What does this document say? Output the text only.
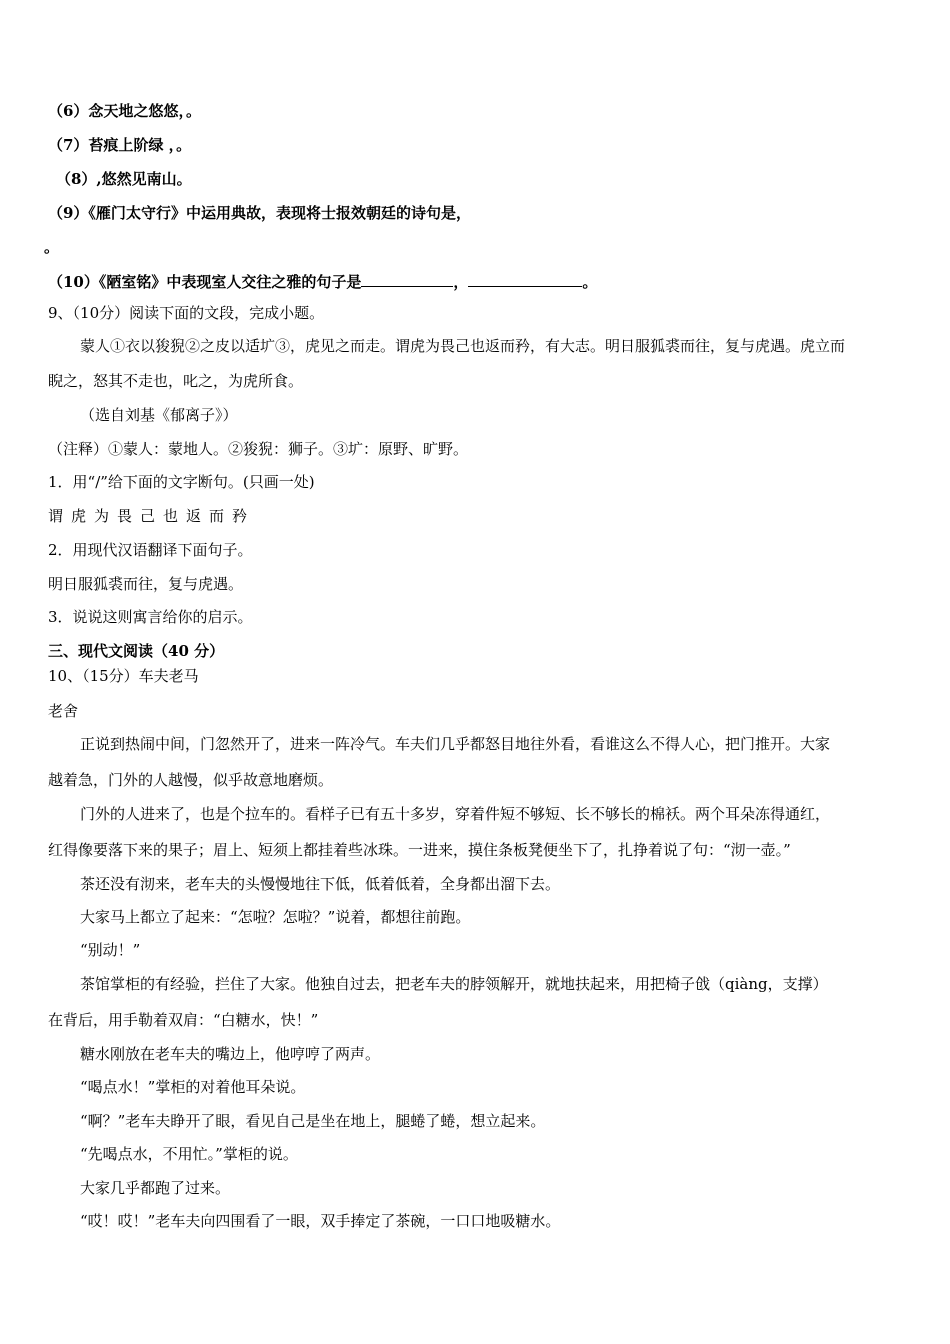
（6）念天地之悠悠，。
（7）苔痕上阶绿 ，。
（8）,悠然见南山。
（9）《雁门太守行》中运用典故，表现将士报效朝廷的诗句是，
。
（10）《陋室铭》中表现室人交往之雅的句子是	，	。
9、（10分）阅读下面的文段，完成小题。
蒙人①衣以狻猊②之皮以适圹③，虎见之而走。谓虎为畏己也返而矜，有大志。明日服狐裘而往，复与虎遇。虎立而
睨之，怒其不走也，叱之，为虎所食。
（选自刘基《郁离子》）
（注释）①蒙人：蒙地人。②狻猊：狮子。③圹：原野、旷野。
1．用“/”给下面的文字断句。(只画一处)
谓虎为畏己也返而矜
2．用现代汉语翻译下面句子。
明日服狐裘而往，复与虎遇。
3．说说这则寓言给你的启示。
三、现代文阅读（40 分）
10、（15分）车夫老马
老舍
正说到热闹中间，门忽然开了，进来一阵冷气。车夫们几乎都怒目地往外看，看谁这么不得人心，把门推开。大家
越着急，门外的人越慢，似乎故意地磨烦。
门外的人进来了，也是个拉车的。看样子已有五十多岁，穿着件短不够短、长不够长的棉袄。两个耳朵冻得通红，
红得像要落下来的果子；眉上、短须上都挂着些冰珠。一进来，摸住条板凳便坐下了，扎挣着说了句：“沏一壶。”
茶还没有沏来，老车夫的头慢慢地往下低，低着低着，全身都出溜下去。
大家马上都立了起来：“怎啦？怎啦？”说着，都想往前跑。
“别动！”
茶馆掌柜的有经验，拦住了大家。他独自过去，把老车夫的脖领解开，就地扶起来，用把椅子戗（qiàng，支撑）
在背后，用手勒着双肩：“白糖水，快！”
糖水刚放在老车夫的嘴边上，他哼哼了两声。
“喝点水！”掌柜的对着他耳朵说。
“啊？”老车夫睁开了眼，看见自己是坐在地上，腿蜷了蜷，想立起来。
“先喝点水，不用忙。”掌柜的说。
大家几乎都跑了过来。
“哎！哎！”老车夫向四围看了一眼，双手捧定了茶碗，一口口地吸糖水。
